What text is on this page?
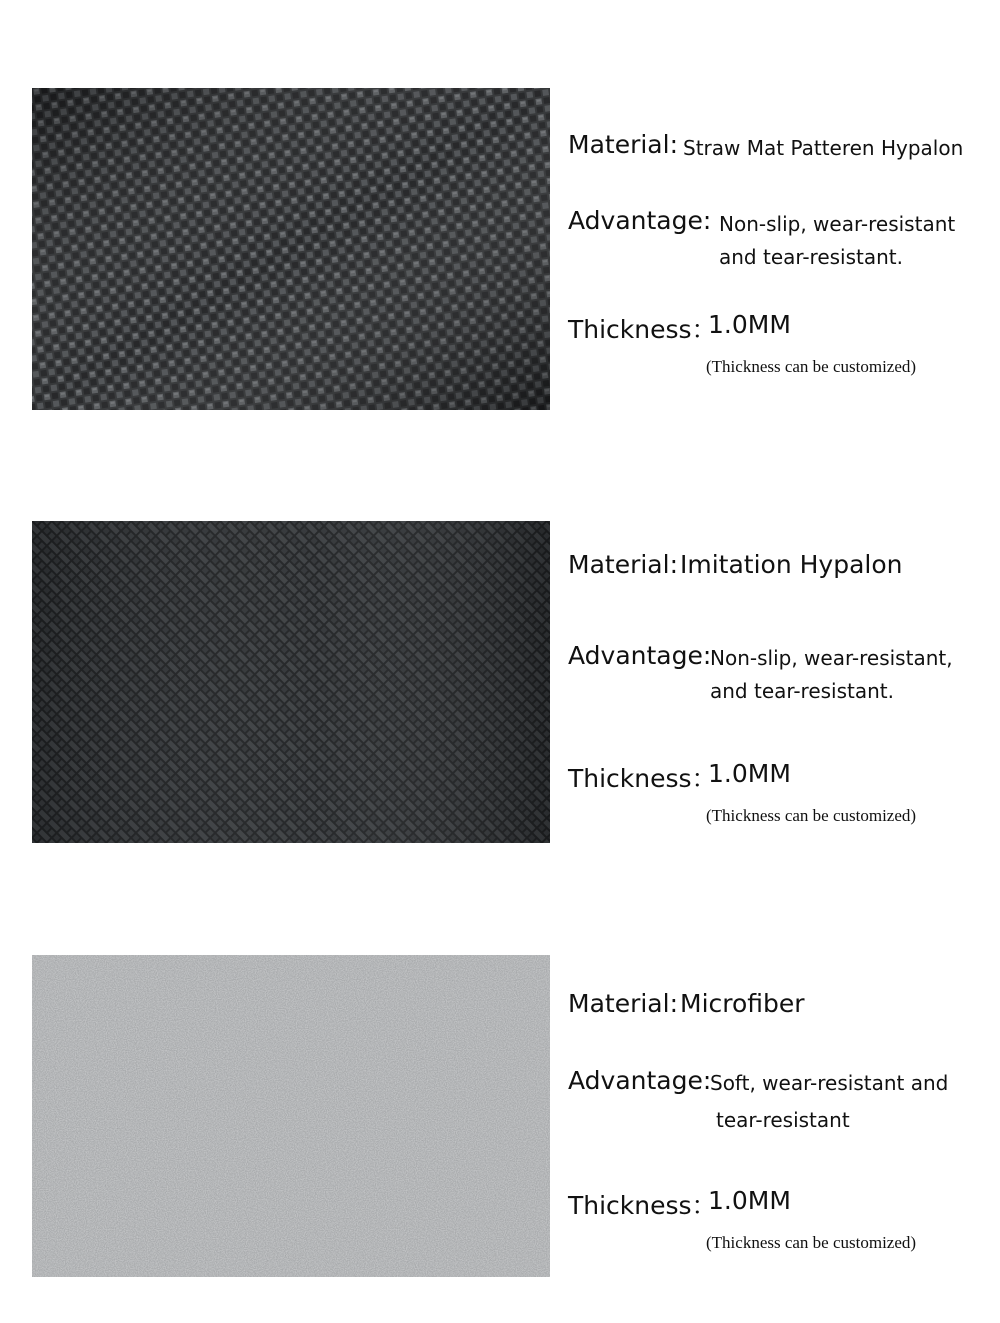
Material: Straw Mat Patteren Hypalon
Advantage: Non-slip, wear-resistant
and tear-resistant.
Thickness：
1.0MM
(Thickness can be customized)
Material: Imitation Hypalon
Advantage:
Non-slip, wear-resistant,
and tear-resistant.
Thickness：
1.0MM
(Thickness can be customized)
Material: Microfiber
Advantage:
Soft, wear-resistant and
tear-resistant
Thickness：
1.0MM
(Thickness can be customized)
